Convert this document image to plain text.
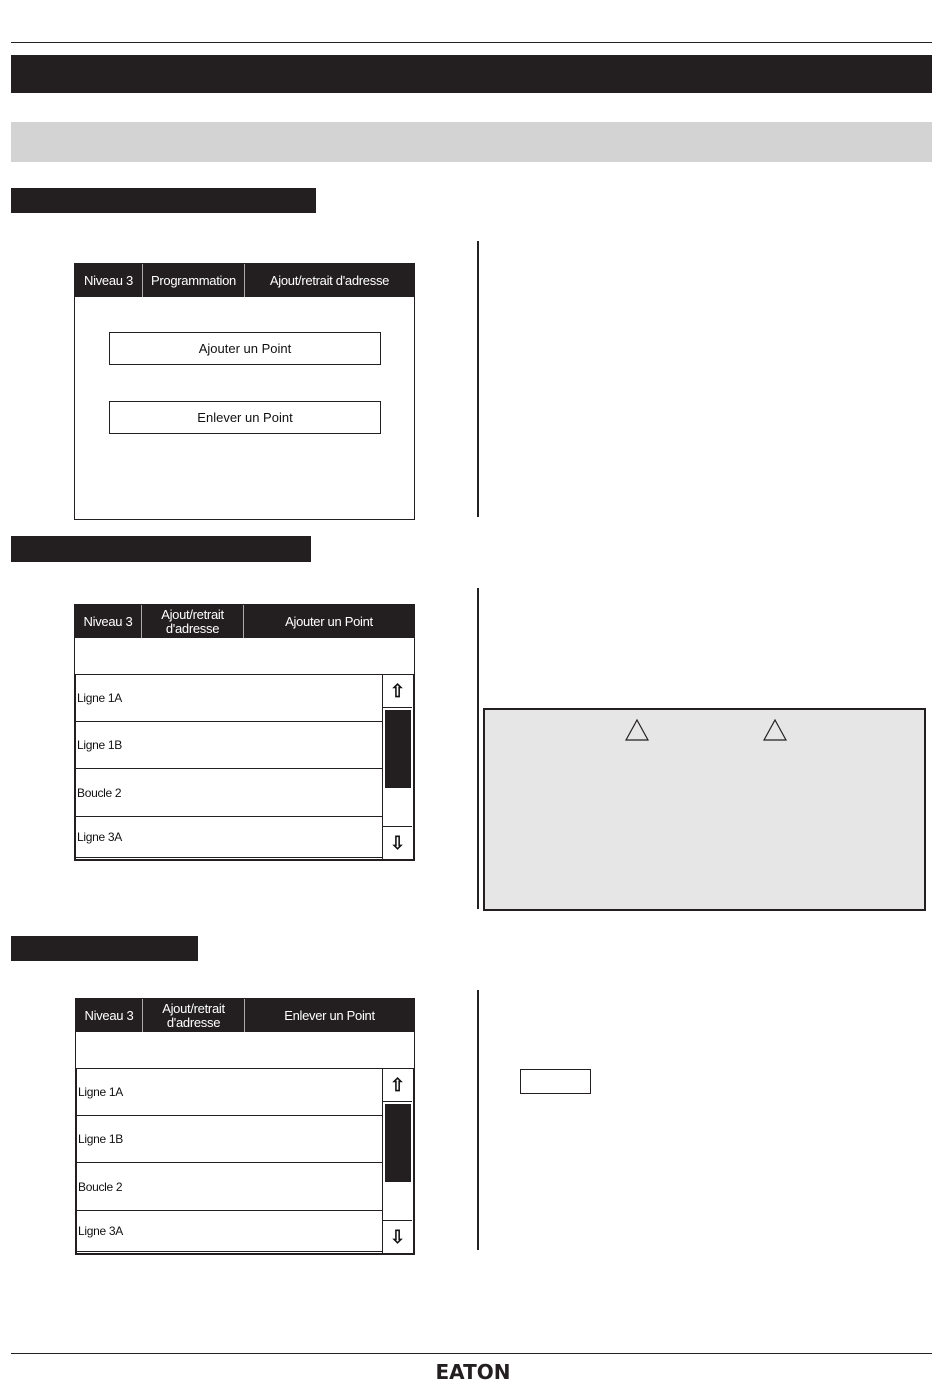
Niveau 3	Programmation	Ajout/retrait d'adresse
Ajouter un Point
Enlever un Point
Niveau 3	Ajout/retrait d'adresse	Ajouter un Point
Ligne 1A
Ligne 1B
Boucle 2
Ligne 3A
⇧
⇩
Niveau 3	Ajout/retrait d'adresse	Enlever un Point
Ligne 1A
Ligne 1B
Boucle 2
Ligne 3A
⇧
⇩
EATON
